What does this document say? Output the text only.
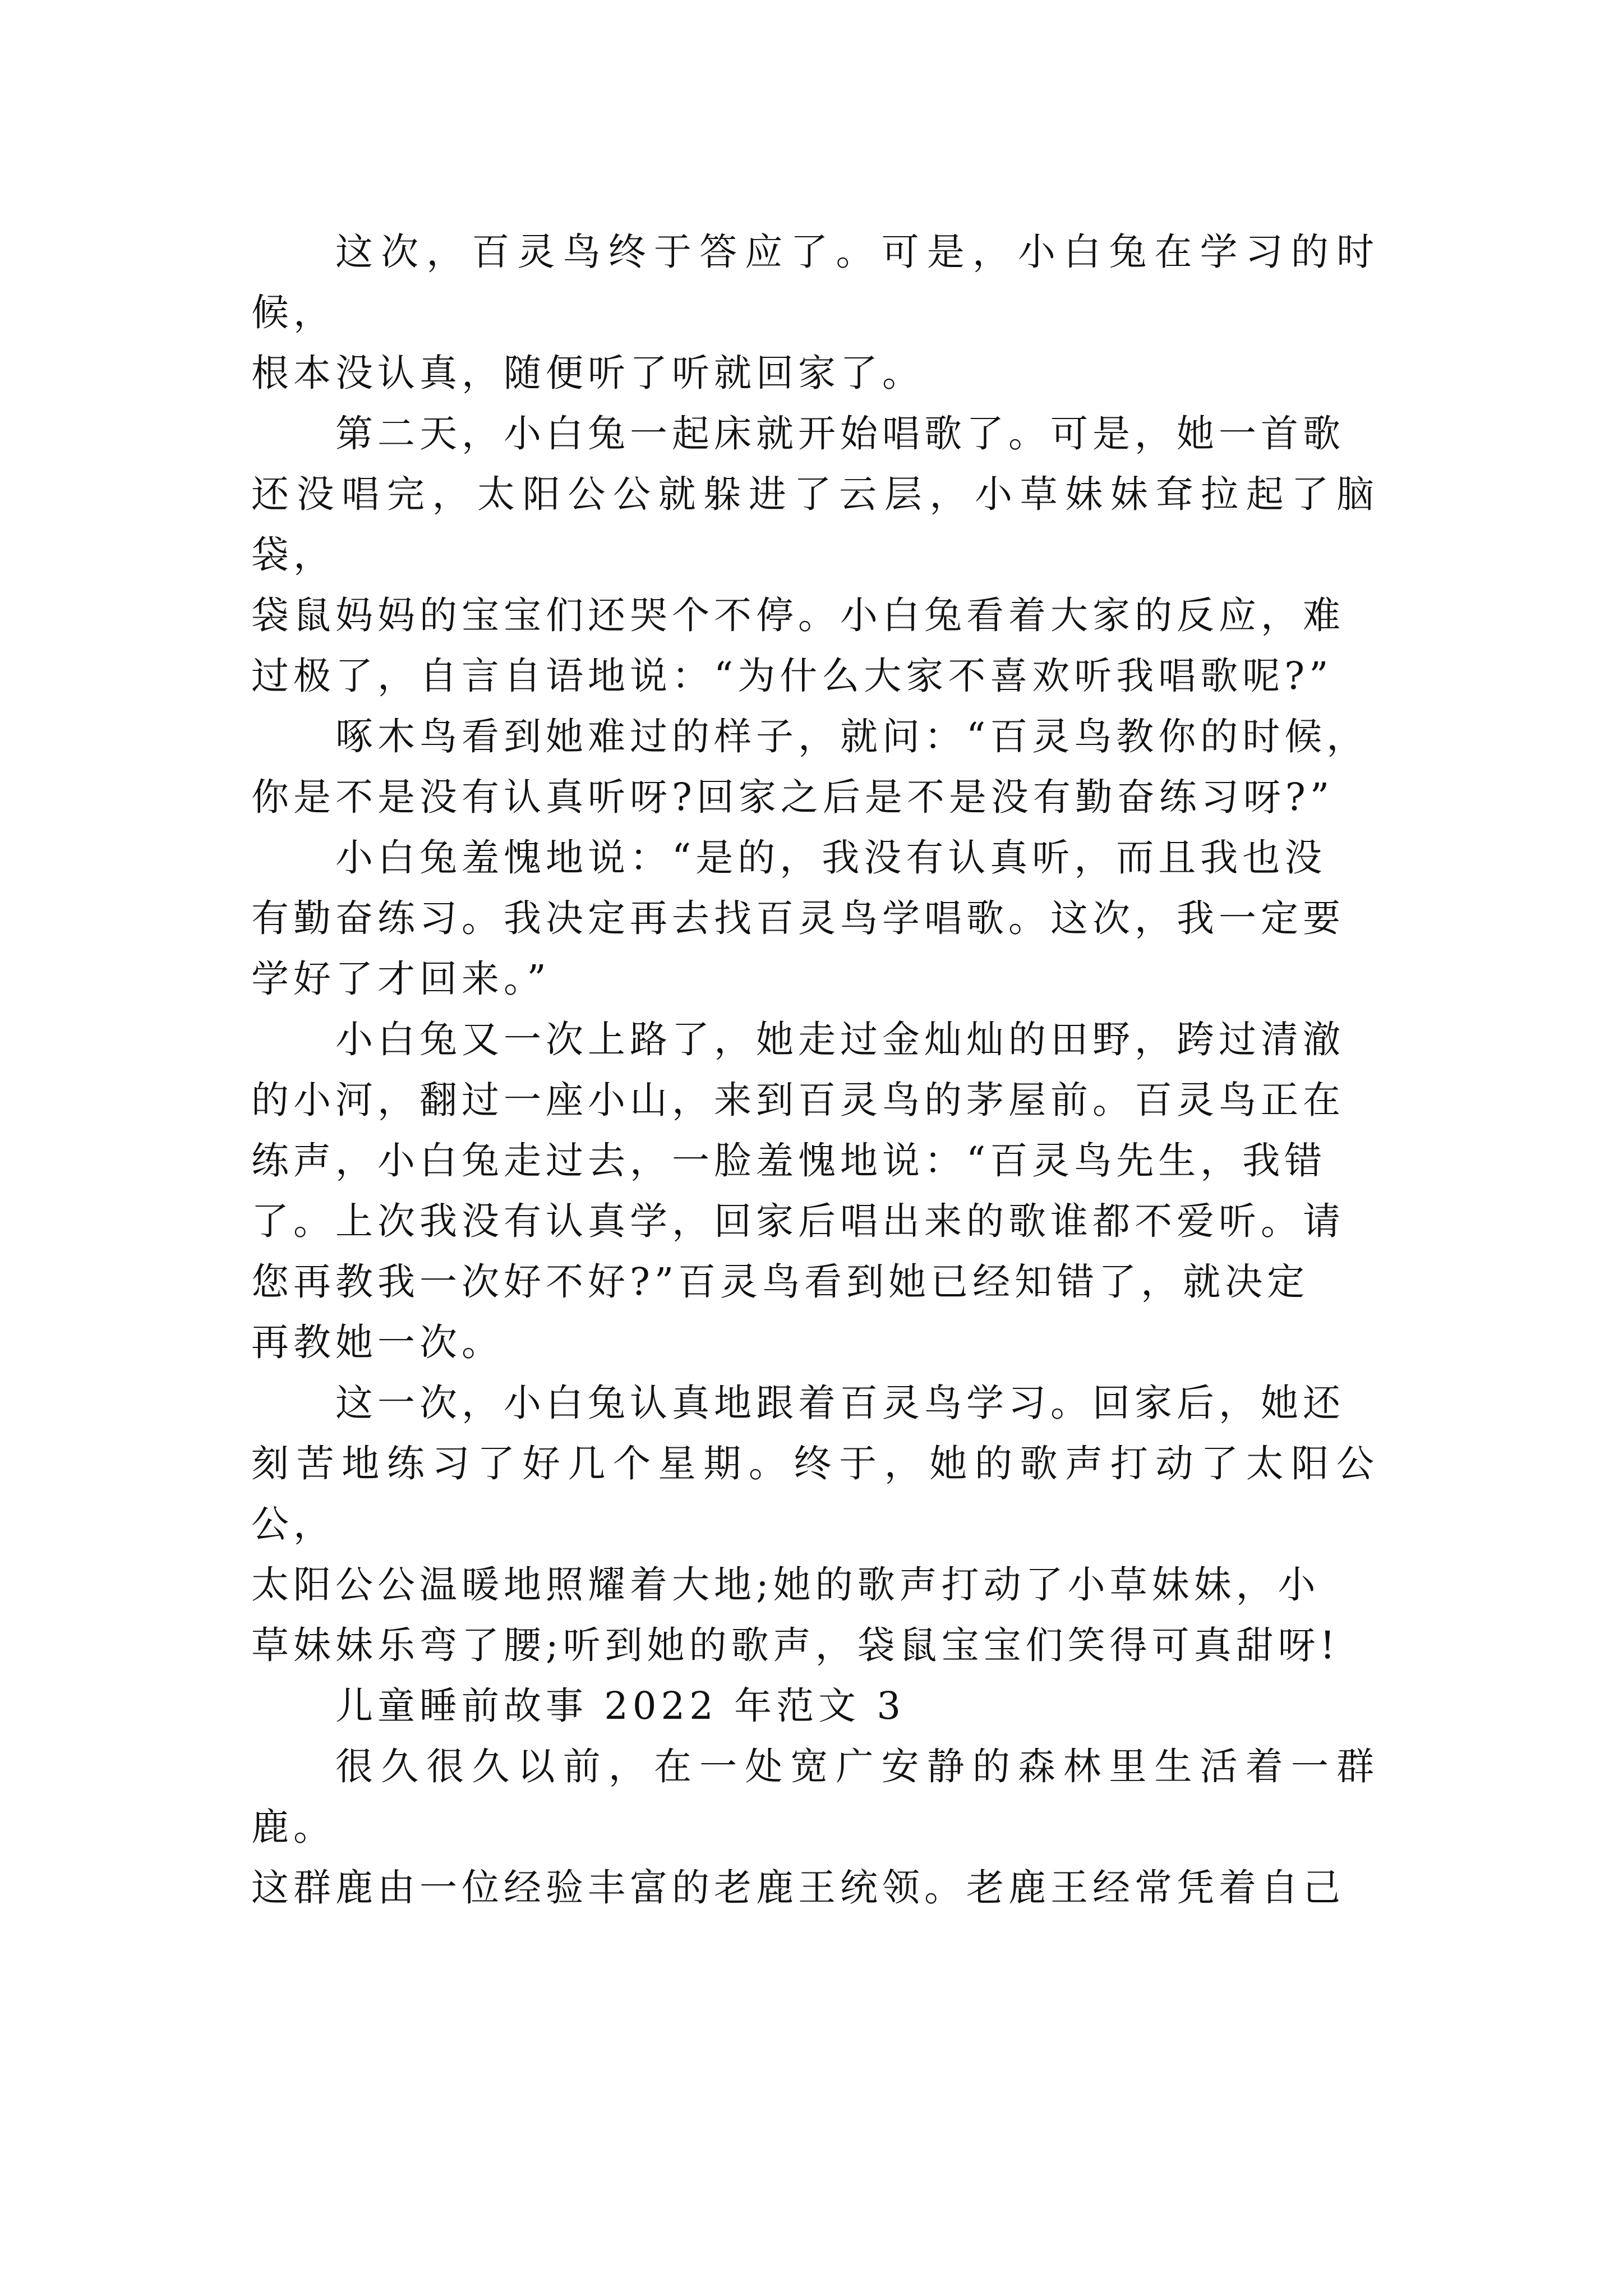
这次，百灵鸟终于答应了。可是，小白兔在学习的时候，
根本没认真，随便听了听就回家了。

第二天，小白兔一起床就开始唱歌了。可是，她一首歌
还没唱完，太阳公公就躲进了云层，小草妹妹耷拉起了脑袋，
袋鼠妈妈的宝宝们还哭个不停。小白兔看着大家的反应，难
过极了，自言自语地说：“为什么大家不喜欢听我唱歌呢?”

啄木鸟看到她难过的样子，就问：“百灵鸟教你的时候，
你是不是没有认真听呀?回家之后是不是没有勤奋练习呀?”

小白兔羞愧地说：“是的，我没有认真听，而且我也没
有勤奋练习。我决定再去找百灵鸟学唱歌。这次，我一定要
学好了才回来。”

小白兔又一次上路了，她走过金灿灿的田野，跨过清澈
的小河，翻过一座小山，来到百灵鸟的茅屋前。百灵鸟正在
练声，小白兔走过去，一脸羞愧地说：“百灵鸟先生，我错
了。上次我没有认真学，回家后唱出来的歌谁都不爱听。请
您再教我一次好不好?”百灵鸟看到她已经知错了，就决定
再教她一次。

这一次，小白兔认真地跟着百灵鸟学习。回家后，她还
刻苦地练习了好几个星期。终于，她的歌声打动了太阳公公，
太阳公公温暖地照耀着大地;她的歌声打动了小草妹妹，小
草妹妹乐弯了腰;听到她的歌声，袋鼠宝宝们笑得可真甜呀!

儿童睡前故事 2022 年范文 3

很久很久以前，在一处宽广安静的森林里生活着一群鹿。
这群鹿由一位经验丰富的老鹿王统领。老鹿王经常凭着自己
